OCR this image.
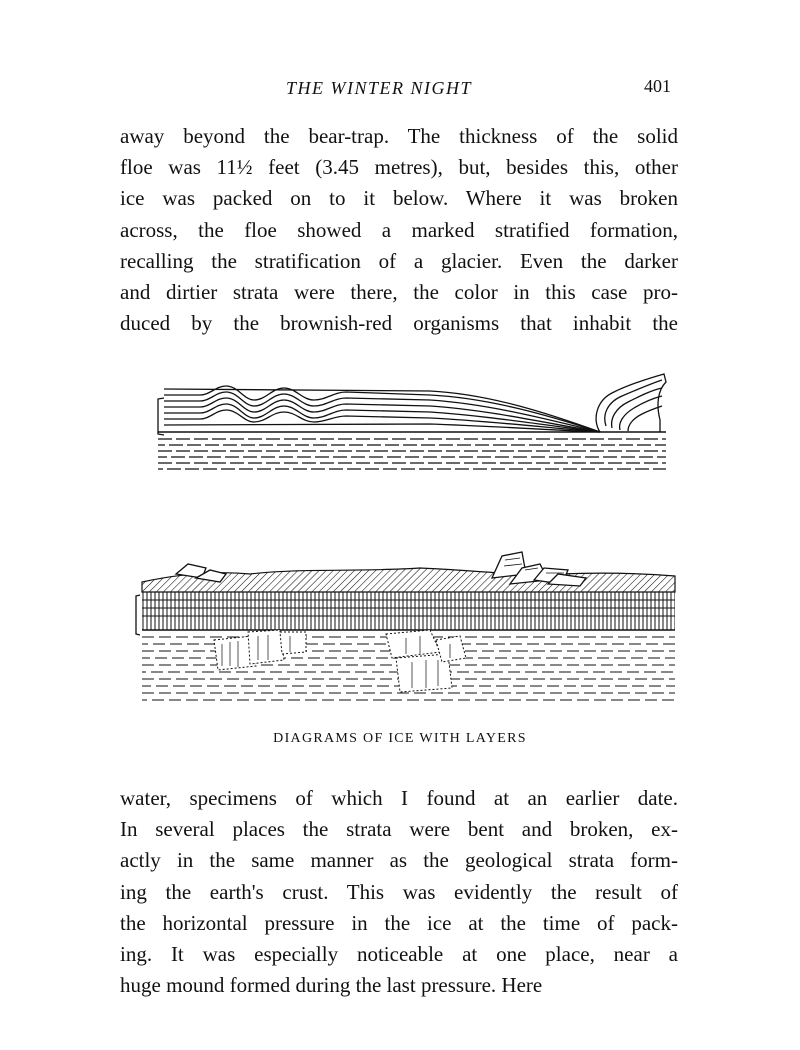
THE WINTER NIGHT	401
away beyond the bear-trap. The thickness of the solid
floe was 11½ feet (3.45 metres), but, besides this, other
ice was packed on to it below. Where it was broken
across, the floe showed a marked stratified formation,
recalling the stratification of a glacier. Even the darker
and dirtier strata were there, the color in this case pro-
duced by the brownish-red organisms that inhabit the
DIAGRAMS OF ICE WITH LAYERS
water, specimens of which I found at an earlier date.
In several places the strata were bent and broken, ex-
actly in the same manner as the geological strata form-
ing the earth's crust. This was evidently the result of
the horizontal pressure in the ice at the time of pack-
ing. It was especially noticeable at one place, near a
huge mound formed during the last pressure. Here
